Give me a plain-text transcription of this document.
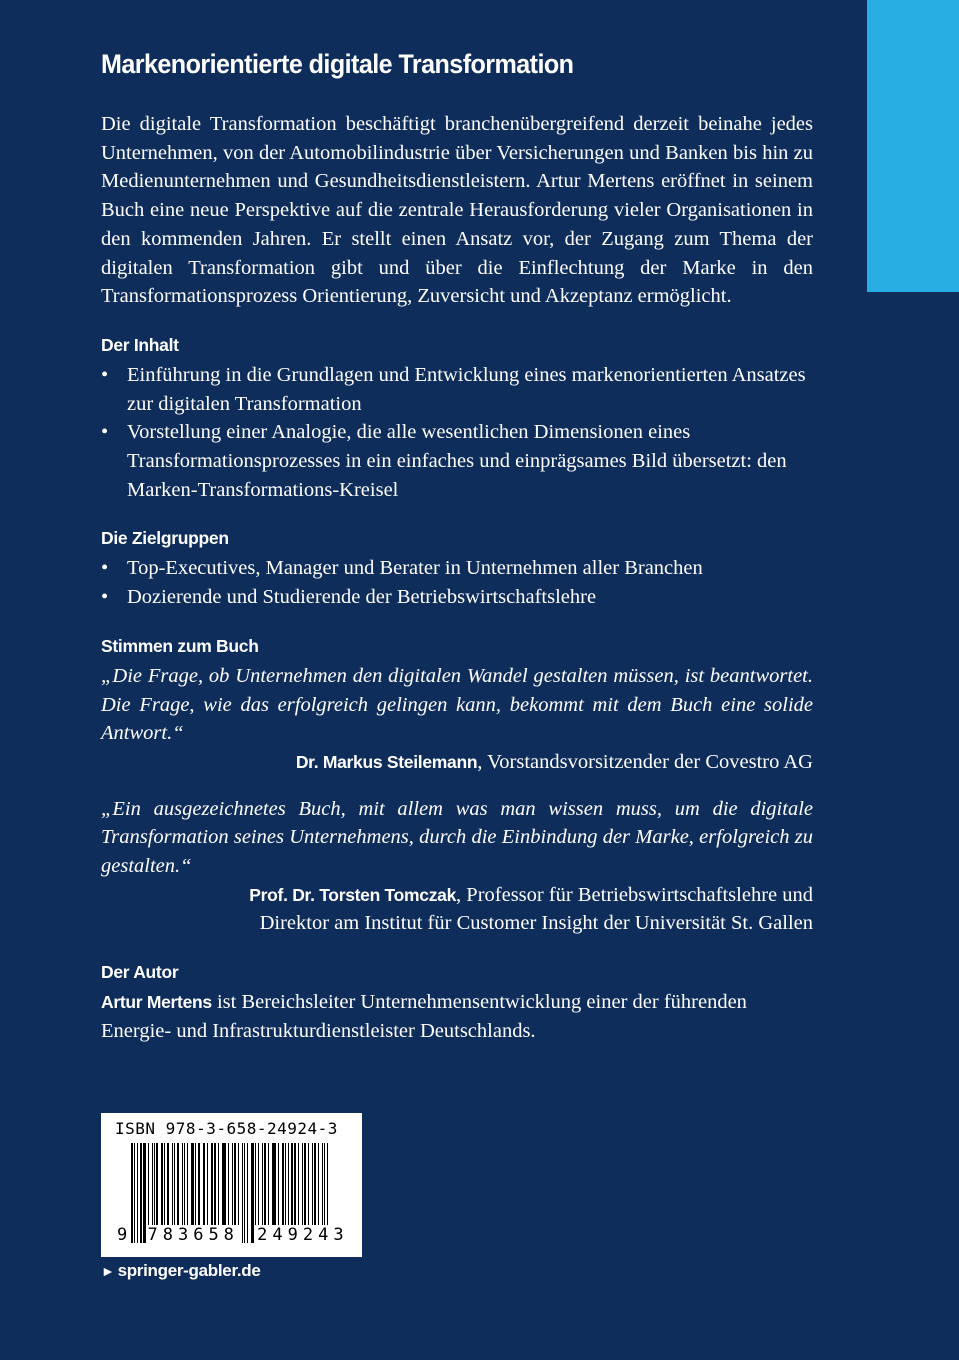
Markenorientierte digitale Transformation

Die digitale Transformation beschäftigt branchenübergreifend derzeit beinahe jedes Unternehmen, von der Automobilindustrie über Versicherungen und Banken bis hin zu Medienunternehmen und Gesundheitsdienstleistern. Artur Mertens eröffnet in seinem Buch eine neue Perspektive auf die zentrale Herausforderung vieler Organisationen in den kommenden Jahren. Er stellt einen Ansatz vor, der Zugang zum Thema der digitalen Transformation gibt und über die Einflechtung der Marke in den Transformationsprozess Orientierung, Zuversicht und Akzeptanz ermöglicht.

Der Inhalt
• Einführung in die Grundlagen und Entwicklung eines markenorientierten Ansatzes zur digitalen Transformation
• Vorstellung einer Analogie, die alle wesentlichen Dimensionen eines Transformationsprozesses in ein einfaches und einprägsames Bild übersetzt: den Marken-Transformations-Kreisel
Die Zielgruppen
• Top-Executives, Manager und Berater in Unternehmen aller Branchen
• Dozierende und Studierende der Betriebswirtschaftslehre
Stimmen zum Buch

„Die Frage, ob Unternehmen den digitalen Wandel gestalten müssen, ist beantwortet. Die Frage, wie das erfolgreich gelingen kann, bekommt mit dem Buch eine solide Antwort.“

Dr. Markus Steilemann, Vorstandsvorsitzender der Covestro AG

„Ein ausgezeichnetes Buch, mit allem was man wissen muss, um die digitale Transformation seines Unternehmens, durch die Einbindung der Marke, erfolgreich zu gestalten.“

Prof. Dr. Torsten Tomczak, Professor für Betriebswirtschaftslehre und
Direktor am Institut für Customer Insight der Universität St. Gallen
Der Autor

Artur Mertens ist Bereichsleiter Unternehmensentwicklung einer der führenden Energie- und Infrastrukturdienstleister Deutschlands.

ISBN 978-3-658-24924-3
9 783658 249243
► springer-gabler.de
